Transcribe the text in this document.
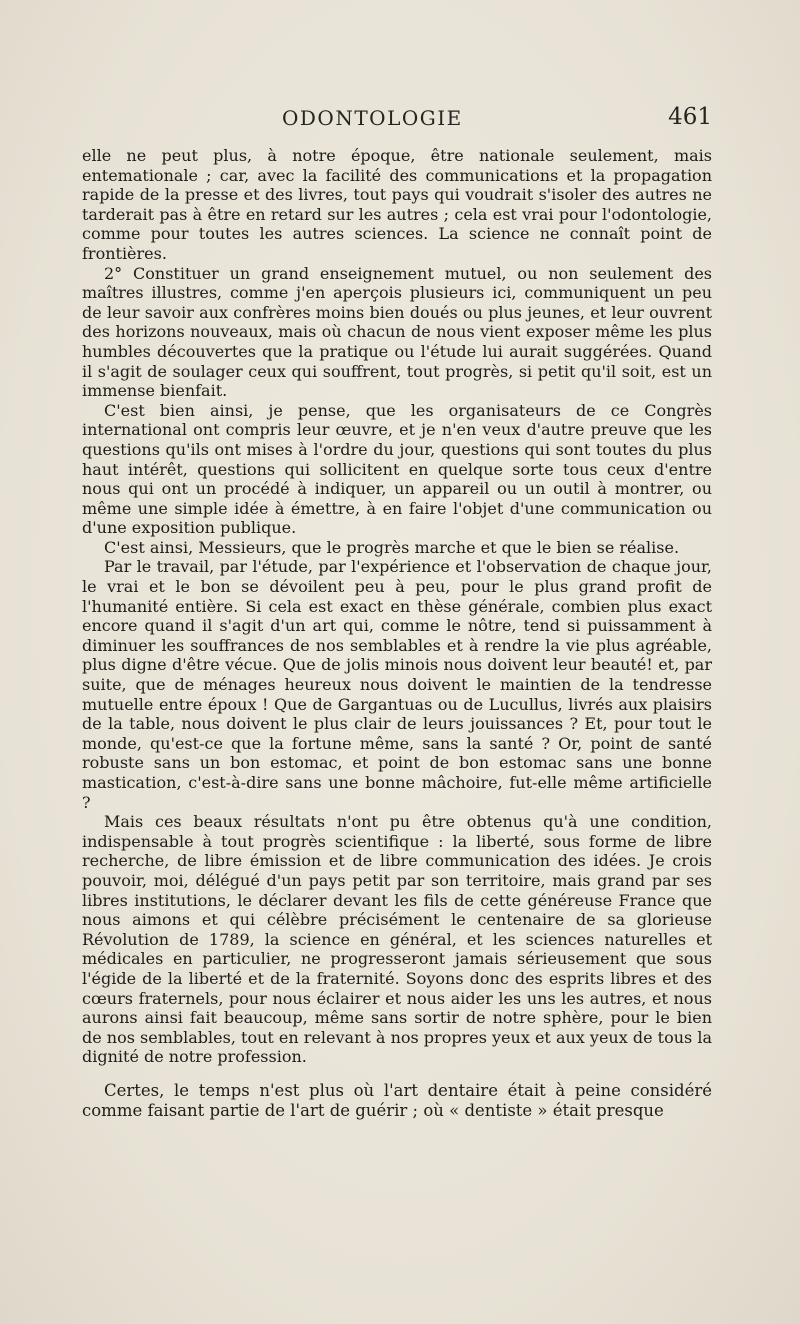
ODONTOLOGIE	461

elle ne peut plus, à notre époque, être nationale seulement, mais entemationale ; car, avec la facilité des communications et la propagation rapide de la presse et des livres, tout pays qui voudrait s'isoler des autres ne tarderait pas à être en retard sur les autres ; cela est vrai pour l'odontologie, comme pour toutes les autres sciences. La science ne connaît point de frontières.

2° Constituer un grand enseignement mutuel, ou non seulement des maîtres illustres, comme j'en aperçois plusieurs ici, communiquent un peu de leur savoir aux confrères moins bien doués ou plus jeunes, et leur ouvrent des horizons nouveaux, mais où chacun de nous vient exposer même les plus humbles découvertes que la pratique ou l'étude lui aurait suggérées. Quand il s'agit de soulager ceux qui souffrent, tout progrès, si petit qu'il soit, est un immense bienfait.

C'est bien ainsi, je pense, que les organisateurs de ce Congrès international ont compris leur œuvre, et je n'en veux d'autre preuve que les questions qu'ils ont mises à l'ordre du jour, questions qui sont toutes du plus haut intérêt, questions qui sollicitent en quelque sorte tous ceux d'entre nous qui ont un procédé à indiquer, un appareil ou un outil à montrer, ou même une simple idée à émettre, à en faire l'objet d'une communication ou d'une exposition publique.

C'est ainsi, Messieurs, que le progrès marche et que le bien se réalise.

Par le travail, par l'étude, par l'expérience et l'observation de chaque jour, le vrai et le bon se dévoilent peu à peu, pour le plus grand profit de l'humanité entière. Si cela est exact en thèse générale, combien plus exact encore quand il s'agit d'un art qui, comme le nôtre, tend si puissamment à diminuer les souffrances de nos semblables et à rendre la vie plus agréable, plus digne d'être vécue. Que de jolis minois nous doivent leur beauté! et, par suite, que de ménages heureux nous doivent le maintien de la tendresse mutuelle entre époux ! Que de Gargantuas ou de Lucullus, livrés aux plaisirs de la table, nous doivent le plus clair de leurs jouissances ? Et, pour tout le monde, qu'est-ce que la fortune même, sans la santé ? Or, point de santé robuste sans un bon estomac, et point de bon estomac sans une bonne mastication, c'est-à-dire sans une bonne mâchoire, fut-elle même artificielle ?

Mais ces beaux résultats n'ont pu être obtenus qu'à une condition, indispensable à tout progrès scientifique : la liberté, sous forme de libre recherche, de libre émission et de libre communication des idées. Je crois pouvoir, moi, délégué d'un pays petit par son territoire, mais grand par ses libres institutions, le déclarer devant les fils de cette généreuse France que nous aimons et qui célèbre précisément le centenaire de sa glorieuse Révolution de 1789, la science en général, et les sciences naturelles et médicales en particulier, ne progresseront jamais sérieusement que sous l'égide de la liberté et de la fraternité. Soyons donc des esprits libres et des cœurs fraternels, pour nous éclairer et nous aider les uns les autres, et nous aurons ainsi fait beaucoup, même sans sortir de notre sphère, pour le bien de nos semblables, tout en relevant à nos propres yeux et aux yeux de tous la dignité de notre profession.

Certes, le temps n'est plus où l'art dentaire était à peine considéré comme faisant partie de l'art de guérir ; où « dentiste » était presque
